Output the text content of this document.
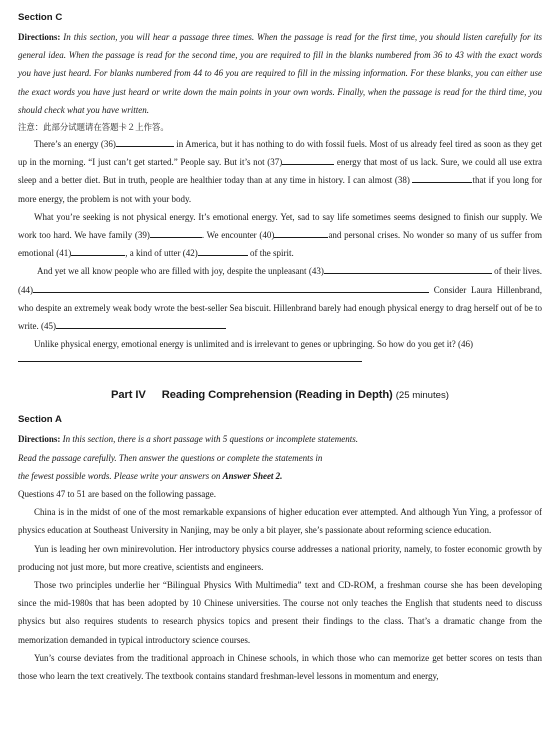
Section C

Directions: In this section, you will hear a passage three times. When the passage is read for the first time, you should listen carefully for its general idea. When the passage is read for the second time, you are required to fill in the blanks numbered from 36 to 43 with the exact words you have just heard. For blanks numbered from 44 to 46 you are required to fill in the missing information. For these blanks, you can either use the exact words you have just heard or write down the main points in your own words. Finally, when the passage is read for the third time, you should check what you have written.

注意：此部分试题请在答题卡２上作答。

There’s an energy (36)	in America, but it has nothing to do with fossil fuels. Most of us already feel tired as soon as they get up in the morning. “I just can’t get started.” People say. But it’s not (37)	energy that most of us lack. Sure, we could all use extra sleep and a better diet. But in truth, people are healthier today than at any time in history. I can almost (38)	that if you long for more energy, the problem is not with your body.

What you’re seeking is not physical energy. It’s emotional energy. Yet, sad to say life sometimes seems designed to finish our supply. We work too hard. We have family (39)	. We encounter (40)	and personal crises. No wonder so many of us suffer from emotional (41)	, a kind of utter (42)	of the spirit.

And yet we all know people who are filled with joy, despite the unpleasant (43)	of their lives. (44)	Consider Laura Hillenbrand, who despite an extremely weak body wrote the best-seller Sea biscuit. Hillenbrand barely had enough physical energy to drag herself out of be to write. (45)

Unlike physical energy, emotional energy is unlimited and is irrelevant to genes or upbringing. So how do you get it? (46)

Part IV Reading Comprehension (Reading in Depth) (25 minutes)
Section A

Directions: In this section, there is a short passage with 5 questions or incomplete statements.

Read the passage carefully. Then answer the questions or complete the statements in

the fewest possible words. Please write your answers on Answer Sheet 2.

Questions 47 to 51 are based on the following passage.

China is in the midst of one of the most remarkable expansions of higher education ever attempted. And although Yun Ying, a professor of physics education at Southeast University in Nanjing, may be only a bit player, she’s passionate about reforming science education.

Yun is leading her own minirevolution. Her introductory physics course addresses a national priority, namely, to foster economic growth by producing not just more, but more creative, scientists and engineers.

Those two principles underlie her “Bilingual Physics With Multimedia” text and CD-ROM, a freshman course she has been developing since the mid-1980s that has been adopted by 10 Chinese universities. The course not only teaches the English that students need to discuss physics but also requires students to research physics topics and present their findings to the class. That’s a dramatic change from the memorization demanded in typical introductory science courses.

Yun’s course deviates from the traditional approach in Chinese schools, in which those who can memorize get better scores on tests than those who learn the text creatively. The textbook contains standard freshman-level lessons in momentum and energy,
